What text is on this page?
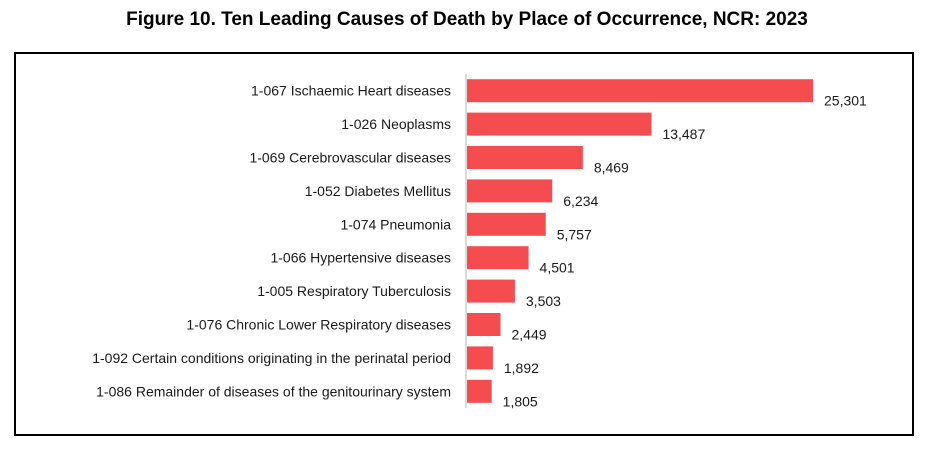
Figure 10. Ten Leading Causes of Death by Place of Occurrence, NCR: 2023
1-067 Ischaemic Heart diseases
25,301
1-026 Neoplasms
13,487
1-069 Cerebrovascular diseases
8,469
1-052 Diabetes Mellitus
6,234
1-074 Pneumonia
5,757
1-066 Hypertensive diseases
4,501
1-005 Respiratory Tuberculosis
3,503
1-076 Chronic Lower Respiratory diseases
2,449
1-092 Certain conditions originating in the perinatal period
1,892
1-086 Remainder of diseases of the genitourinary system
1,805
